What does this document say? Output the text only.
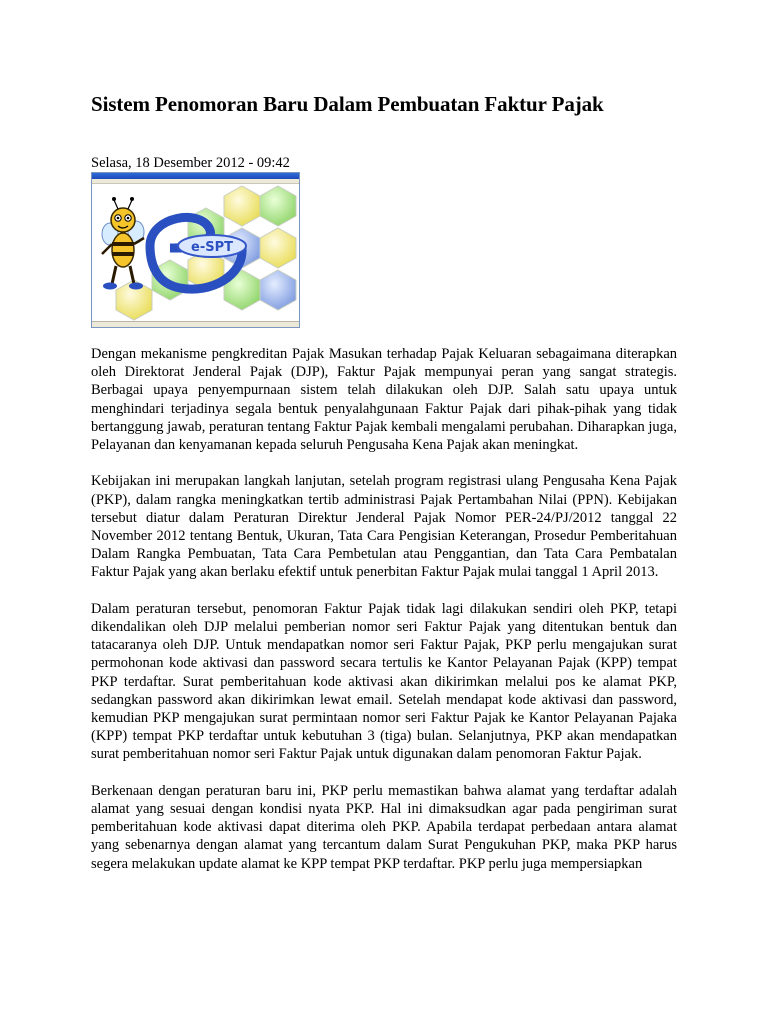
Sistem Penomoran Baru Dalam Pembuatan Faktur Pajak
Selasa, 18 Desember 2012 - 09:42
e-SPT

Dengan mekanisme pengkreditan Pajak Masukan terhadap Pajak Keluaran sebagaimana diterapkan oleh Direktorat Jenderal Pajak (DJP), Faktur Pajak mempunyai peran yang sangat strategis. Berbagai upaya penyempurnaan sistem telah dilakukan oleh DJP. Salah satu upaya untuk menghindari terjadinya segala bentuk penyalahgunaan Faktur Pajak dari pihak-pihak yang tidak bertanggung jawab, peraturan tentang Faktur Pajak kembali mengalami perubahan. Diharapkan juga, Pelayanan dan kenyamanan kepada seluruh Pengusaha Kena Pajak akan meningkat.

Kebijakan ini merupakan langkah lanjutan, setelah program registrasi ulang Pengusaha Kena Pajak (PKP), dalam rangka meningkatkan tertib administrasi Pajak Pertambahan Nilai (PPN). Kebijakan tersebut diatur dalam Peraturan Direktur Jenderal Pajak Nomor PER-24/PJ/2012 tanggal 22 November 2012 tentang Bentuk, Ukuran, Tata Cara Pengisian Keterangan, Prosedur Pemberitahuan Dalam Rangka Pembuatan, Tata Cara Pembetulan atau Penggantian, dan Tata Cara Pembatalan Faktur Pajak yang akan berlaku efektif untuk penerbitan Faktur Pajak mulai tanggal 1 April 2013.

Dalam peraturan tersebut, penomoran Faktur Pajak tidak lagi dilakukan sendiri oleh PKP, tetapi dikendalikan oleh DJP melalui pemberian nomor seri Faktur Pajak yang ditentukan bentuk dan tatacaranya oleh DJP. Untuk mendapatkan nomor seri Faktur Pajak, PKP perlu mengajukan surat permohonan kode aktivasi dan password secara tertulis ke Kantor Pelayanan Pajak (KPP) tempat PKP terdaftar. Surat pemberitahuan kode aktivasi akan dikirimkan melalui pos ke alamat PKP, sedangkan password akan dikirimkan lewat email. Setelah mendapat kode aktivasi dan password, kemudian PKP mengajukan surat permintaan nomor seri Faktur Pajak ke Kantor Pelayanan Pajaka (KPP) tempat PKP terdaftar untuk kebutuhan 3 (tiga) bulan. Selanjutnya, PKP akan mendapatkan surat pemberitahuan nomor seri Faktur Pajak untuk digunakan dalam penomoran Faktur Pajak.

Berkenaan dengan peraturan baru ini, PKP perlu memastikan bahwa alamat yang terdaftar adalah alamat yang sesuai dengan kondisi nyata PKP. Hal ini dimaksudkan agar pada pengiriman surat pemberitahuan kode aktivasi dapat diterima oleh PKP. Apabila terdapat perbedaan antara alamat yang sebenarnya dengan alamat yang tercantum dalam Surat Pengukuhan PKP, maka PKP harus segera melakukan update alamat ke KPP tempat PKP terdaftar. PKP perlu juga mempersiapkan
